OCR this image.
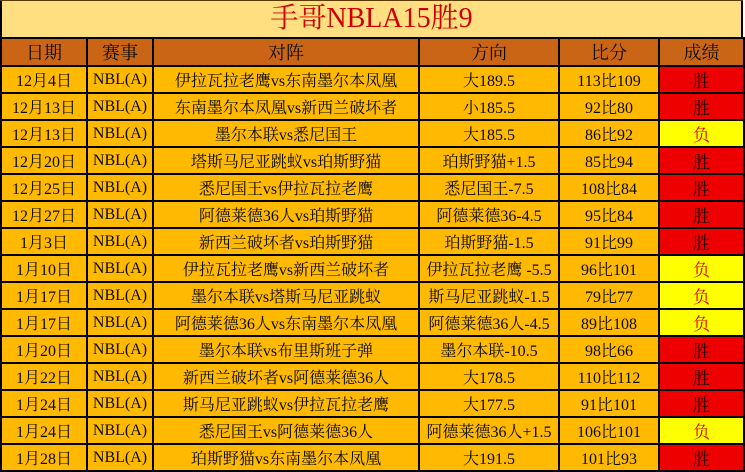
手哥NBLA15胜9
日期	赛事	对阵	方向	比分	成绩
12月4日	NBL(A)	伊拉瓦拉老鹰vs东南墨尔本凤凰	大189.5	113比109	胜
12月13日	NBL(A)	东南墨尔本凤凰vs新西兰破坏者	小185.5	92比80	胜
12月13日	NBL(A)	墨尔本联vs悉尼国王	大185.5	86比92	负
12月20日	NBL(A)	塔斯马尼亚跳蚁vs珀斯野猫	珀斯野猫+1.5	85比94	胜
12月25日	NBL(A)	悉尼国王vs伊拉瓦拉老鹰	悉尼国王-7.5	108比84	胜
12月27日	NBL(A)	阿德莱德36人vs珀斯野猫	阿德莱德36-4.5	95比84	胜
1月3日	NBL(A)	新西兰破坏者vs珀斯野猫	珀斯野猫-1.5	91比99	胜
1月10日	NBL(A)	伊拉瓦拉老鹰vs新西兰破坏者	伊拉瓦拉老鹰 -5.5	96比101	负
1月17日	NBL(A)	墨尔本联vs塔斯马尼亚跳蚁	斯马尼亚跳蚁-1.5	79比77	负
1月17日	NBL(A)	阿德莱德36人vs东南墨尔本凤凰	阿德莱德36人-4.5	89比108	负
1月20日	NBL(A)	墨尔本联vs布里斯班子弹	墨尔本联-10.5	98比66	胜
1月22日	NBL(A)	新西兰破坏者vs阿德莱德36人	大178.5	110比112	胜
1月24日	NBL(A)	斯马尼亚跳蚁vs伊拉瓦拉老鹰	大177.5	91比101	胜
1月24日	NBL(A)	悉尼国王vs阿德莱德36人	阿德莱德36人+1.5	106比101	负
1月28日	NBL(A)	珀斯野猫vs东南墨尔本凤凰	大191.5	101比93	胜
